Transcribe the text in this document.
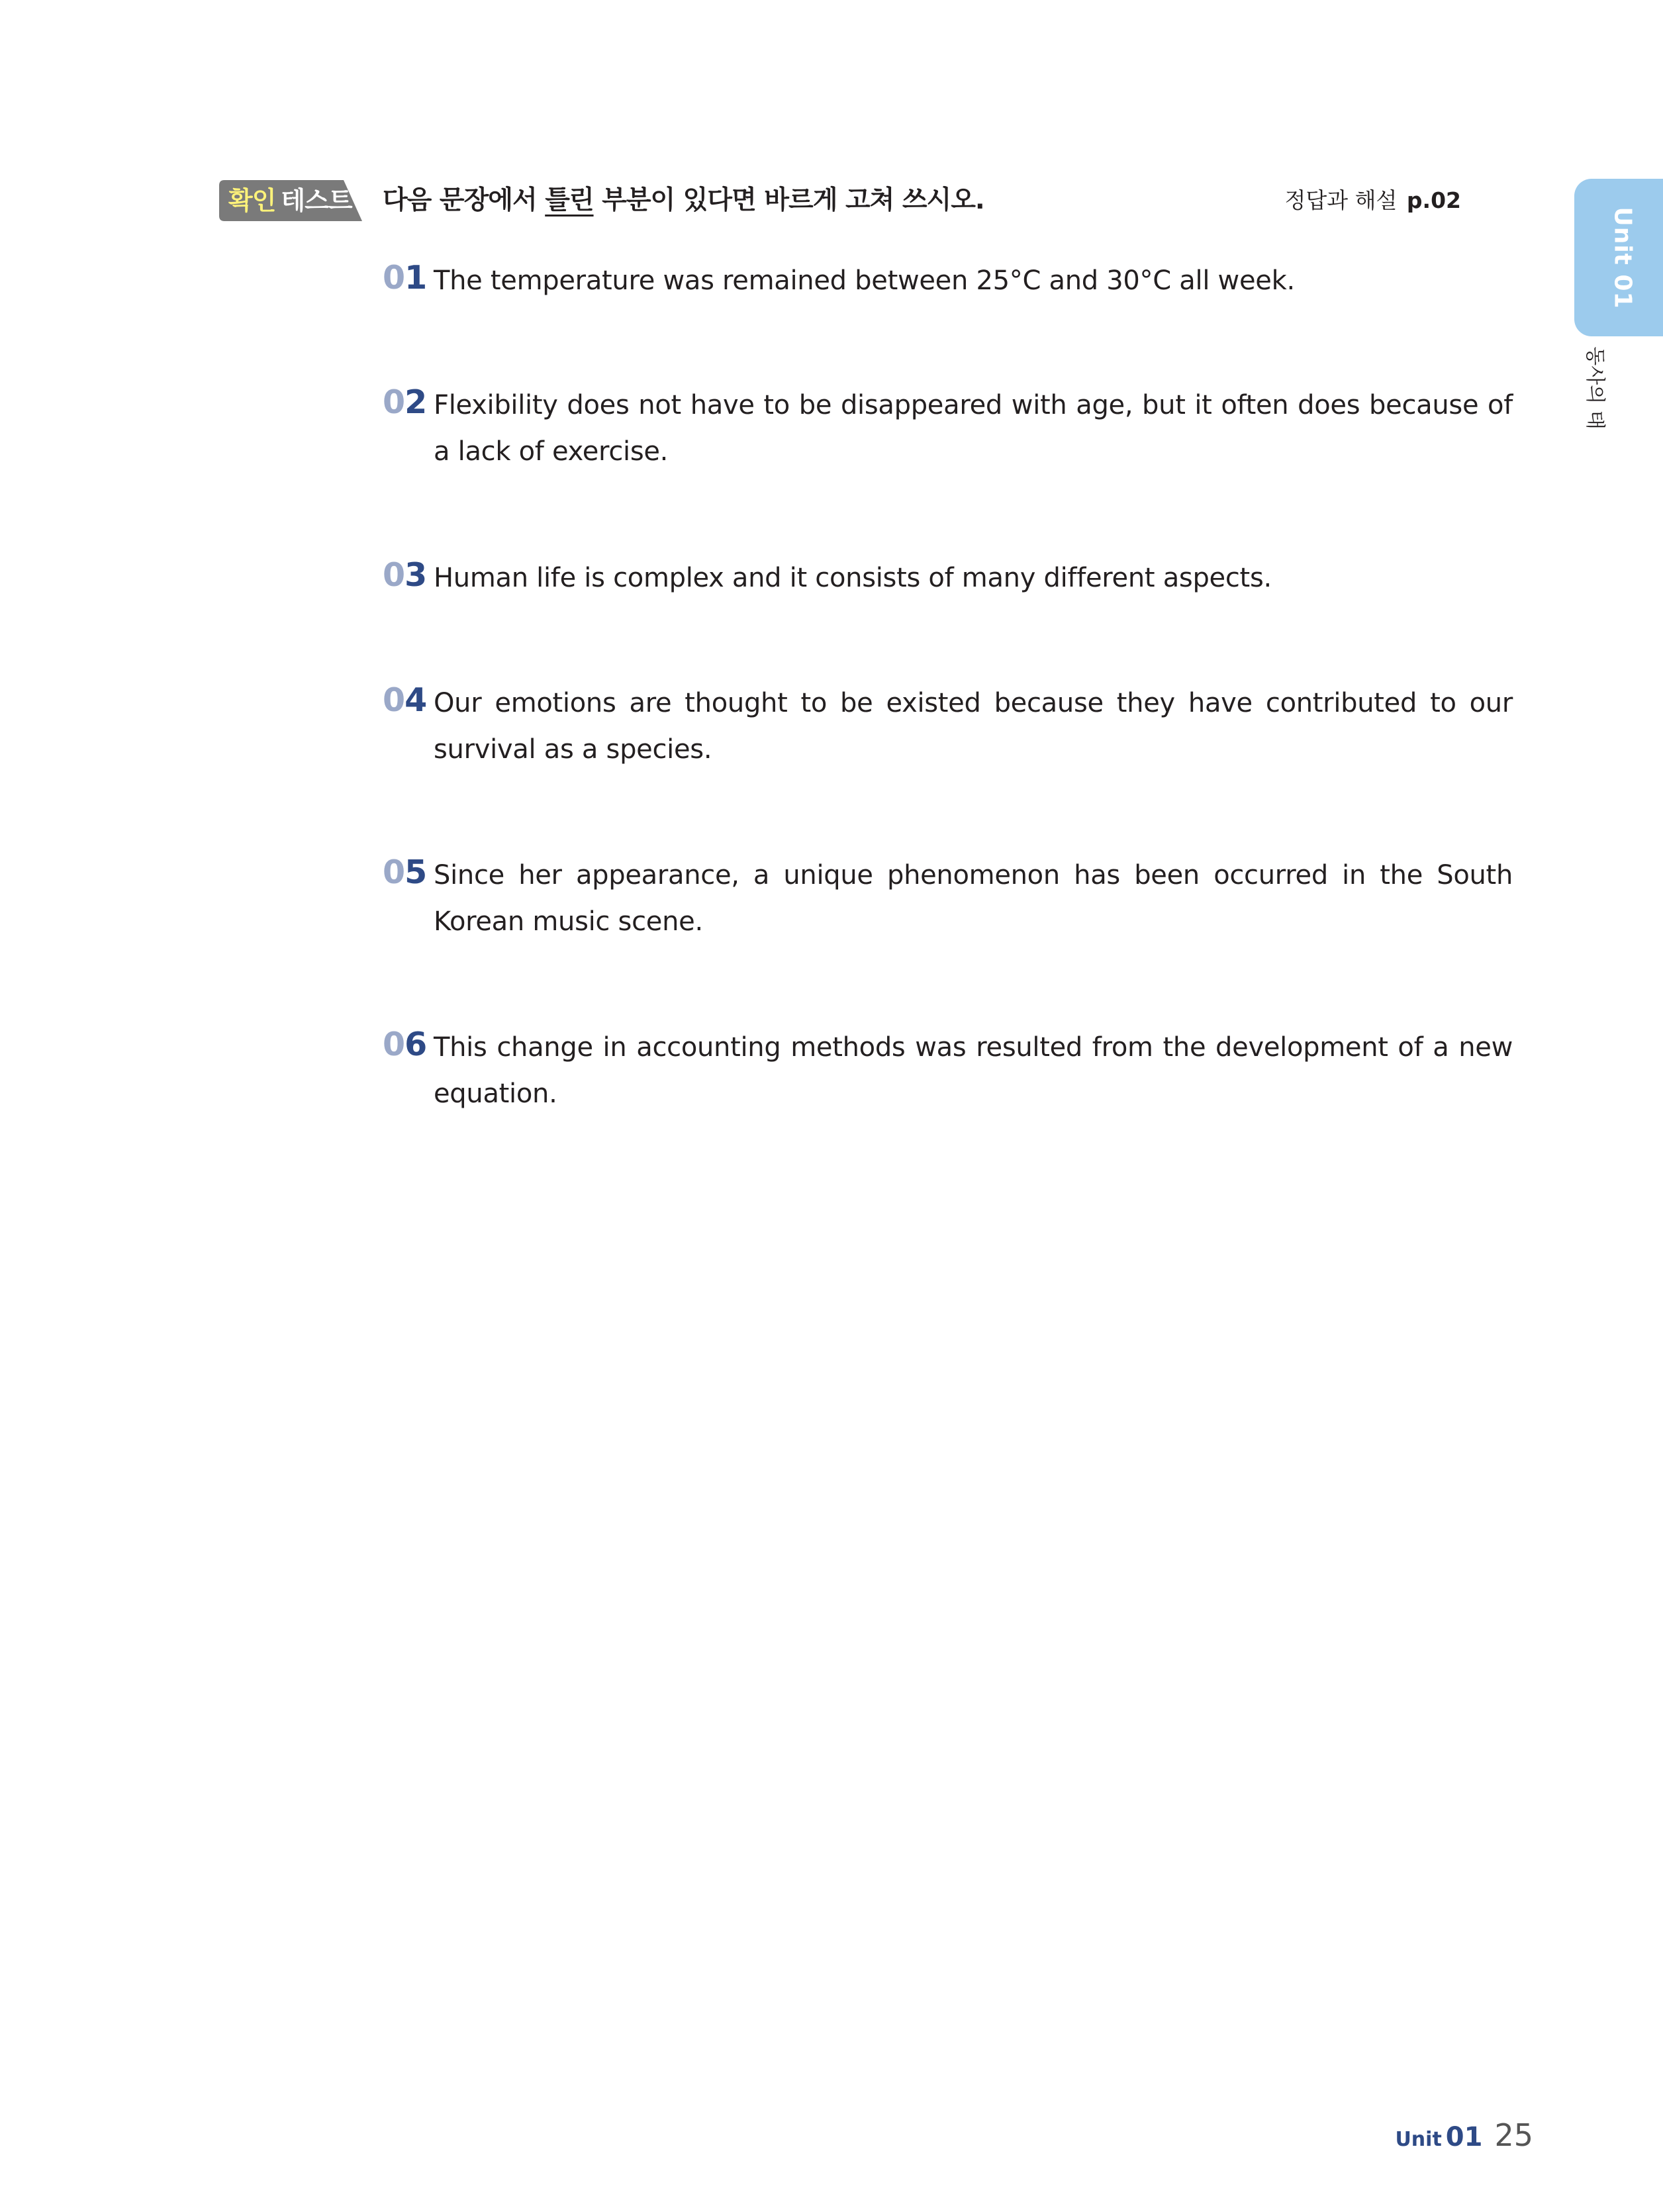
확인 테스트 다음 문장에서 틀린 부분이 있다면 바르게 고쳐 쓰시오.	정답과 해설 p.02
Unit 01
동사의 태
01 The temperature was remained between 25°C and 30°C all week.
02 Flexibility does not have to be disappeared with age, but it often does because of a lack of exercise.
03 Human life is complex and it consists of many different aspects.
04 Our emotions are thought to be existed because they have contributed to our survival as a species.
05 Since her appearance, a unique phenomenon has been occurred in the South Korean music scene.
06 This change in accounting methods was resulted from the development of a new equation.
Unit 01 25
